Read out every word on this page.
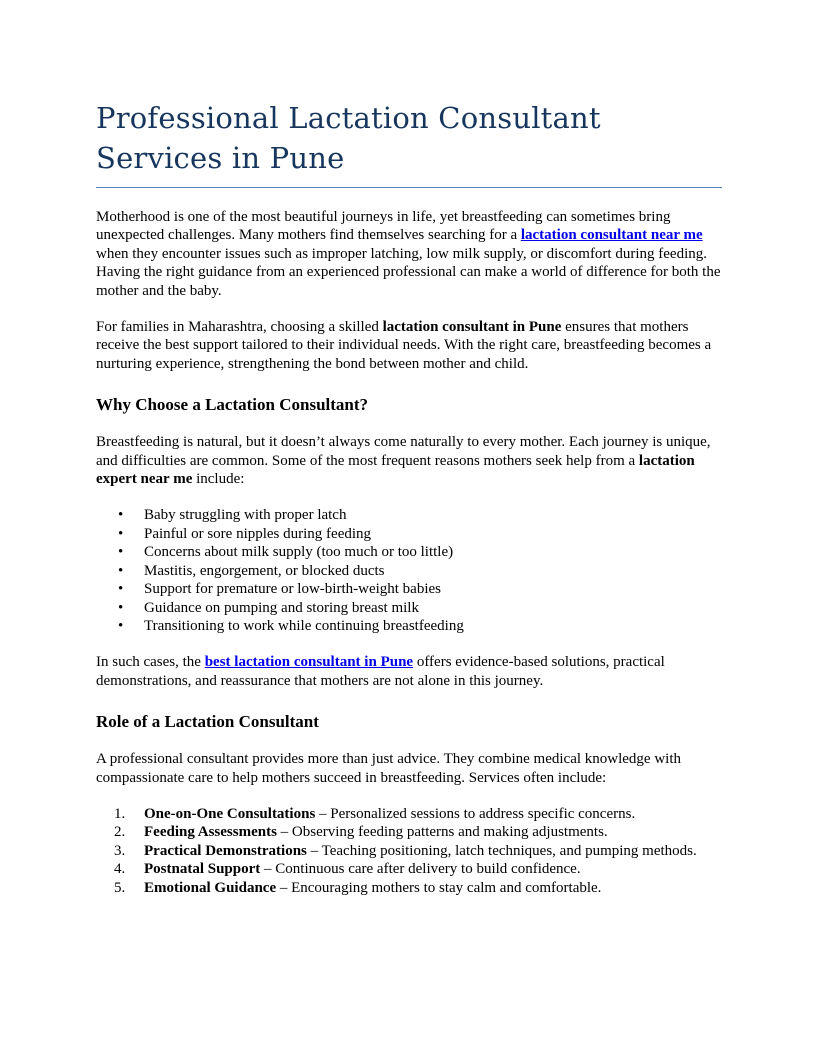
Professional Lactation Consultant Services in Pune

Motherhood is one of the most beautiful journeys in life, yet breastfeeding can sometimes bring unexpected challenges. Many mothers find themselves searching for a lactation consultant near me when they encounter issues such as improper latching, low milk supply, or discomfort during feeding. Having the right guidance from an experienced professional can make a world of difference for both the mother and the baby.

For families in Maharashtra, choosing a skilled lactation consultant in Pune ensures that mothers receive the best support tailored to their individual needs. With the right care, breastfeeding becomes a nurturing experience, strengthening the bond between mother and child.

Why Choose a Lactation Consultant?

Breastfeeding is natural, but it doesn’t always come naturally to every mother. Each journey is unique, and difficulties are common. Some of the most frequent reasons mothers seek help from a lactation expert near me include:

• Baby struggling with proper latch
• Painful or sore nipples during feeding
• Concerns about milk supply (too much or too little)
• Mastitis, engorgement, or blocked ducts
• Support for premature or low-birth-weight babies
• Guidance on pumping and storing breast milk
• Transitioning to work while continuing breastfeeding

In such cases, the best lactation consultant in Pune offers evidence-based solutions, practical demonstrations, and reassurance that mothers are not alone in this journey.

Role of a Lactation Consultant

A professional consultant provides more than just advice. They combine medical knowledge with compassionate care to help mothers succeed in breastfeeding. Services often include:

1. One-on-One Consultations – Personalized sessions to address specific concerns.
2. Feeding Assessments – Observing feeding patterns and making adjustments.
3. Practical Demonstrations – Teaching positioning, latch techniques, and pumping methods.
4. Postnatal Support – Continuous care after delivery to build confidence.
5. Emotional Guidance – Encouraging mothers to stay calm and comfortable.
